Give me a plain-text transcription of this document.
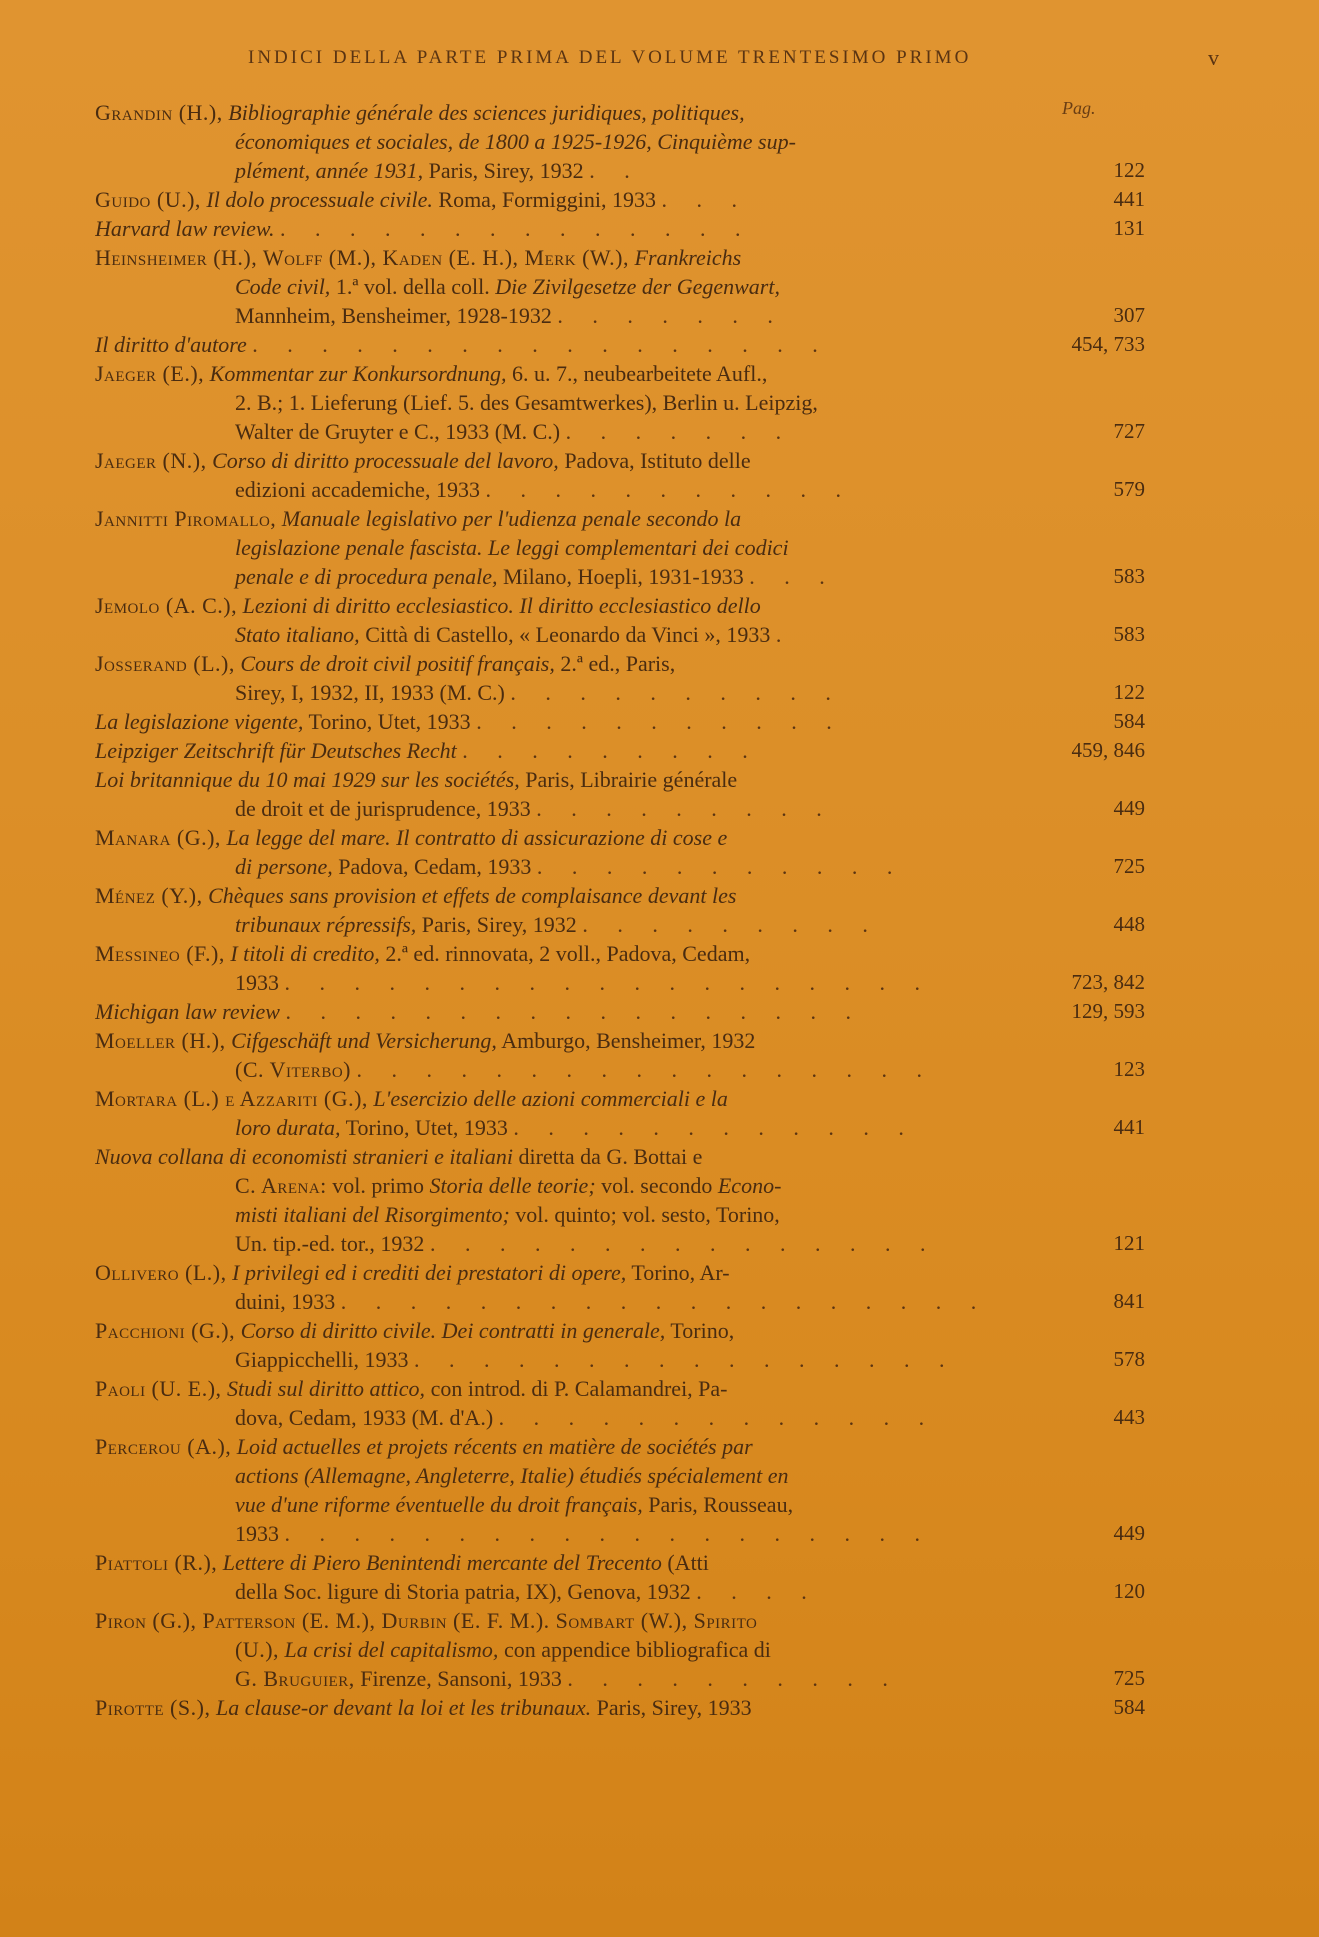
INDICI DELLA PARTE PRIMA DEL VOLUME TRENTESIMO PRIMO	v
Pag.
Grandin (H.), Bibliographie générale des sciences juridiques, politiques,
économiques et sociales, de 1800 a 1925-1926, Cinquième sup-
plément, année 1931, Paris, Sirey, 1932 . .	122
Guido (U.), Il dolo processuale civile. Roma, Formiggini, 1933 . . .	441
Harvard law review. . . . . . . . . . . . . . .	131
Heinsheimer (H.), Wolff (M.), Kaden (E. H.), Merk (W.), Frankreichs
Code civil, 1.ª vol. della coll. Die Zivilgesetze der Gegenwart,
Mannheim, Bensheimer, 1928-1932 . . . . . . .	307
Il diritto d'autore . . . . . . . . . . . . . . . . .	454, 733
Jaeger (E.), Kommentar zur Konkursordnung, 6. u. 7., neubearbeitete Aufl.,
2. B.; 1. Lieferung (Lief. 5. des Gesamtwerkes), Berlin u. Leipzig,
Walter de Gruyter e C., 1933 (M. C.) . . . . . . .	727
Jaeger (N.), Corso di diritto processuale del lavoro, Padova, Istituto delle
edizioni accademiche, 1933 . . . . . . . . . . .	579
Jannitti Piromallo, Manuale legislativo per l'udienza penale secondo la
legislazione penale fascista. Le leggi complementari dei codici
penale e di procedura penale, Milano, Hoepli, 1931-1933 . . .	583
Jemolo (A. C.), Lezioni di diritto ecclesiastico. Il diritto ecclesiastico dello
Stato italiano, Città di Castello, « Leonardo da Vinci », 1933 .	583
Josserand (L.), Cours de droit civil positif français, 2.ª ed., Paris,
Sirey, I, 1932, II, 1933 (M. C.) . . . . . . . . . .	122
La legislazione vigente, Torino, Utet, 1933 . . . . . . . . . . .	584
Leipziger Zeitschrift für Deutsches Recht . . . . . . . . .	459, 846
Loi britannique du 10 mai 1929 sur les sociétés, Paris, Librairie générale
de droit et de jurisprudence, 1933 . . . . . . . . .	449
Manara (G.), La legge del mare. Il contratto di assicurazione di cose e
di persone, Padova, Cedam, 1933 . . . . . . . . . . .	725
Ménez (Y.), Chèques sans provision et effets de complaisance devant les
tribunaux répressifs, Paris, Sirey, 1932 . . . . . . . . .	448
Messineo (F.), I titoli di credito, 2.ª ed. rinnovata, 2 voll., Padova, Cedam,
1933 . . . . . . . . . . . . . . . . . . .	723, 842
Michigan law review . . . . . . . . . . . . . . . . .	129, 593
Moeller (H.), Cifgeschäft und Versicherung, Amburgo, Bensheimer, 1932
(C. Viterbo) . . . . . . . . . . . . . . . . .	123
Mortara (L.) e Azzariti (G.), L'esercizio delle azioni commerciali e la
loro durata, Torino, Utet, 1933 . . . . . . . . . . . .	441
Nuova collana di economisti stranieri e italiani diretta da G. Bottai e
C. Arena: vol. primo Storia delle teorie; vol. secondo Econo-
misti italiani del Risorgimento; vol. quinto; vol. sesto, Torino,
Un. tip.-ed. tor., 1932 . . . . . . . . . . . . . . .	121
Ollivero (L.), I privilegi ed i crediti dei prestatori di opere, Torino, Ar-
duini, 1933 . . . . . . . . . . . . . . . . . . .	841
Pacchioni (G.), Corso di diritto civile. Dei contratti in generale, Torino,
Giappicchelli, 1933 . . . . . . . . . . . . . . . .	578
Paoli (U. E.), Studi sul diritto attico, con introd. di P. Calamandrei, Pa-
dova, Cedam, 1933 (M. d'A.) . . . . . . . . . . . . .	443
Percerou (A.), Loid actuelles et projets récents en matière de sociétés par
actions (Allemagne, Angleterre, Italie) étudiés spécialement en
vue d'une riforme éventuelle du droit français, Paris, Rousseau,
1933 . . . . . . . . . . . . . . . . . . .	449
Piattoli (R.), Lettere di Piero Benintendi mercante del Trecento (Atti
della Soc. ligure di Storia patria, IX), Genova, 1932 . . . .	120
Piron (G.), Patterson (E. M.), Durbin (E. F. M.). Sombart (W.), Spirito
(U.), La crisi del capitalismo, con appendice bibliografica di
G. Bruguier, Firenze, Sansoni, 1933 . . . . . . . . . .	725
Pirotte (S.), La clause-or devant la loi et les tribunaux. Paris, Sirey, 1933	584
